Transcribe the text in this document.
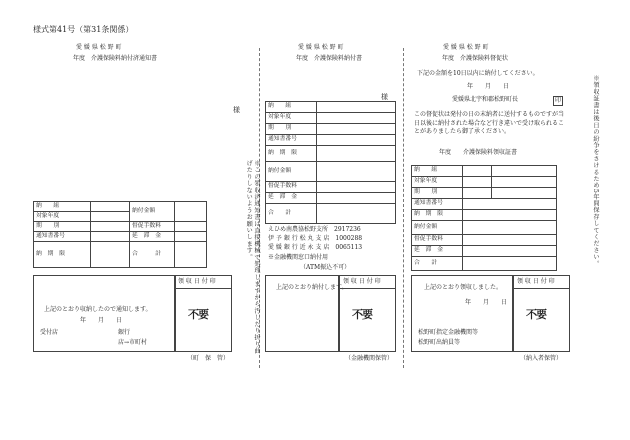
様式第41号（第31条関係）
愛 媛 県 松 野 町
年度　介護保険料納付済通知書
様
納　　組		納付金額	
対象年度			
期　　別		督促手数料	
通知書番号		延　滞　金	
納　期　限		合　　　計	
上記のとおり収納したので通知します。
年　　月　　日
受付店	銀行
店→市町村
領 収 日 付 印
不要
（町　保　管）
※この領収済通知書は直接機械で処理しますから汚したり折り曲げたりしないようお願いします。
愛 媛 県 松 野 町
年度　介護保険料納付書
様
納　　組	
対象年度	
期　　別	
通知書番号	
納　期　限	
納付金額	
督促手数料	
延　滞　金	
合　　計	
えひめ南農協松野支所　 2917236
伊 予 銀 行 松 丸 支 店　 1000288
愛 媛 銀 行 近 永 支 店　 0065113
※金融機関窓口納付用
（ATM振込不可）
上記のとおり納付します。
領 収 日 付 印
不要
（金融機関保管）
愛 媛 県 松 野 町
年度　介護保険料督促状
下記の金額を10日以内に納付してください。
年　　月　　日
愛媛県北宇和郡松野町長	印
この督促状は発付の日の末納者に送付するものですが当日以後に納付された場合など行き違いで受け取られることがありましたら御了承ください。
年度　　介護保険料領収証書
納　　組		
対象年度		
期　　別		
通知書番号		
納　期　限		
納付金額		
督促手数料		
延　滞　金		
合　　計		
上記のとおり領収しました。
年　　月　　日
松野町指定金融機関等
松野町出納員等
領 収 日 付 印
不要
（納入者保管）
※領収証書は後日の紛争をさけるため5年間保存してください。
